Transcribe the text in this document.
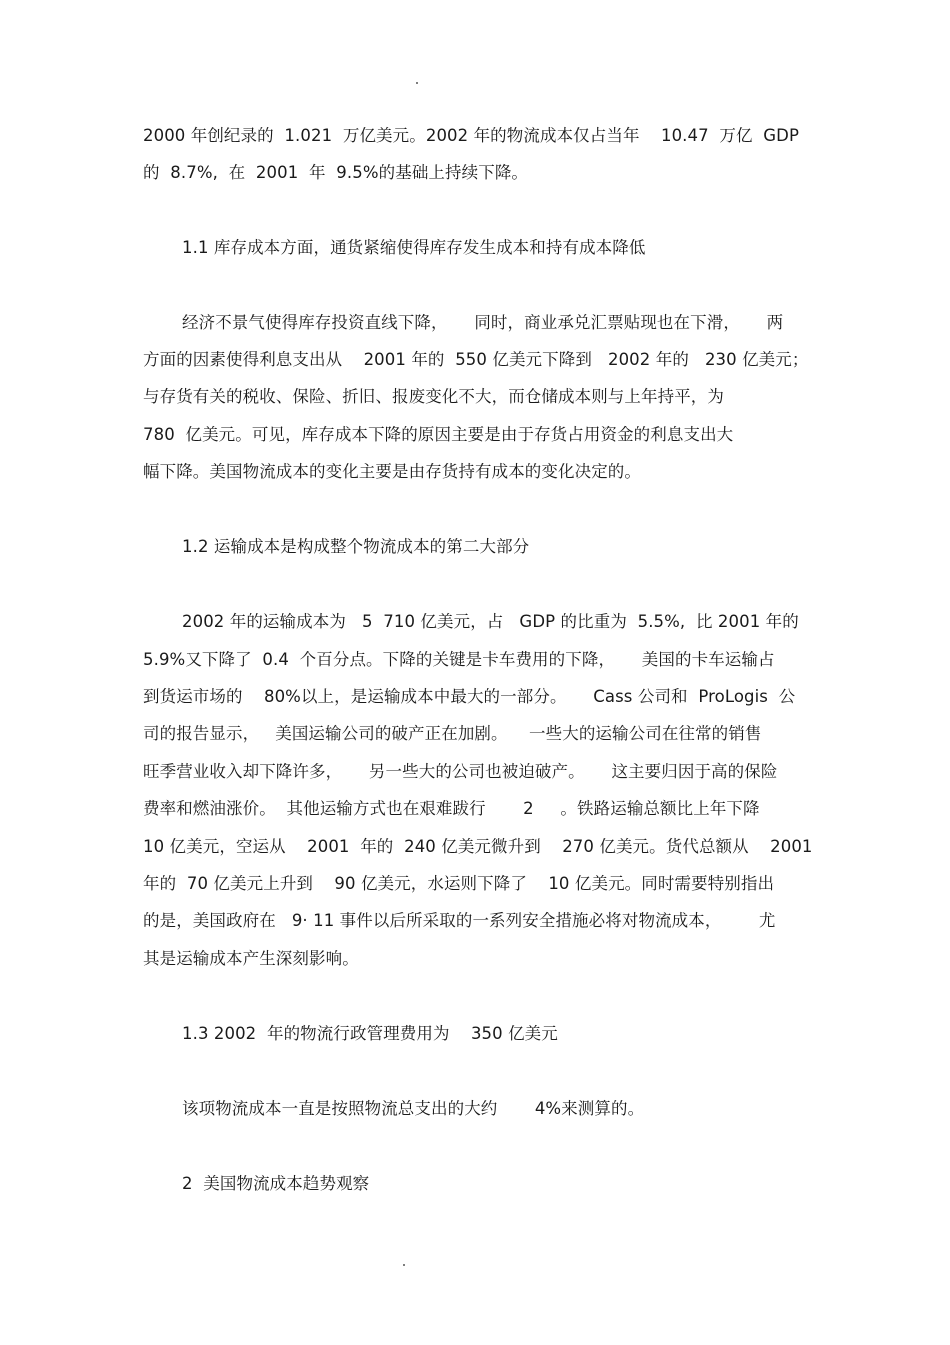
2000 年创纪录的  1.021  万亿美元。2002 年的物流成本仅占当年    10.47  万亿  GDP
的  8.7%,  在  2001  年  9.5%的基础上持续下降。
1.1 库存成本方面，通货紧缩使得库存发生成本和持有成本降低
经济不景气使得库存投资直线下降，     同时，商业承兑汇票贴现也在下滑，     两
方面的因素使得利息支出从    2001 年的  550 亿美元下降到   2002 年的   230 亿美元；
与存货有关的税收、保险、折旧、报废变化不大，而仓储成本则与上年持平，为
780  亿美元。可见，库存成本下降的原因主要是由于存货占用资金的利息支出大
幅下降。美国物流成本的变化主要是由存货持有成本的变化决定的。
1.2 运输成本是构成整个物流成本的第二大部分
2002 年的运输成本为   5  710 亿美元，占   GDP 的比重为  5.5%,  比 2001 年的
5.9%又下降了  0.4  个百分点。下降的关键是卡车费用的下降，     美国的卡车运输占
到货运市场的    80%以上，是运输成本中最大的一部分。     Cass 公司和  ProLogis  公
司的报告显示，   美国运输公司的破产正在加剧。    一些大的运输公司在往常的销售
旺季营业收入却下降许多，     另一些大的公司也被迫破产。     这主要归因于高的保险
费率和燃油涨价。  其他运输方式也在艰难跋行       2     。铁路运输总额比上年下降
10 亿美元，空运从    2001  年的  240 亿美元微升到    270 亿美元。货代总额从    2001
年的  70 亿美元上升到    90 亿美元，水运则下降了    10 亿美元。同时需要特别指出
的是，美国政府在   9· 11 事件以后所采取的一系列安全措施必将对物流成本，       尤
其是运输成本产生深刻影响。
1.3 2002  年的物流行政管理费用为    350 亿美元
该项物流成本一直是按照物流总支出的大约       4%来测算的。
2  美国物流成本趋势观察
